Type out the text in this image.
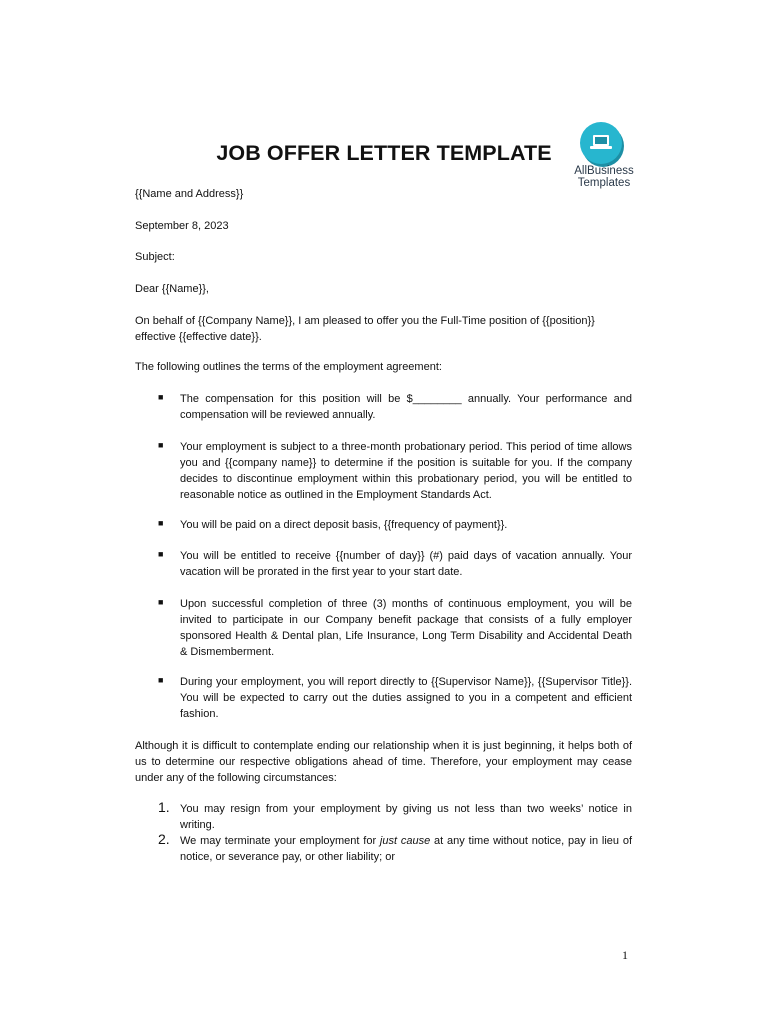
JOB OFFER LETTER TEMPLATE
AllBusiness
Templates
{{Name and Address}}
September 8, 2023
Subject:
Dear {{Name}},
On behalf of {{Company Name}}, I am pleased to offer you the Full-Time position of {{position}} effective {{effective date}}.
The following outlines the terms of the employment agreement:
■ The compensation for this position will be $________ annually. Your performance and compensation will be reviewed annually.
■ Your employment is subject to a three-month probationary period. This period of time allows you and {{company name}} to determine if the position is suitable for you. If the company decides to discontinue employment within this probationary period, you will be entitled to reasonable notice as outlined in the Employment Standards Act.
■ You will be paid on a direct deposit basis, {{frequency of payment}}.
■ You will be entitled to receive {{number of day}} (#) paid days of vacation annually. Your vacation will be prorated in the first year to your start date.
■ Upon successful completion of three (3) months of continuous employment, you will be invited to participate in our Company benefit package that consists of a fully employer sponsored Health & Dental plan, Life Insurance, Long Term Disability and Accidental Death & Dismemberment.
■ During your employment, you will report directly to {{Supervisor Name}}, {{Supervisor Title}}. You will be expected to carry out the duties assigned to you in a competent and efficient fashion.
Although it is difficult to contemplate ending our relationship when it is just beginning, it helps both of us to determine our respective obligations ahead of time. Therefore, your employment may cease under any of the following circumstances:
1. You may resign from your employment by giving us not less than two weeks’ notice in writing.
2. We may terminate your employment for just cause at any time without notice, pay in lieu of notice, or severance pay, or other liability; or
1
